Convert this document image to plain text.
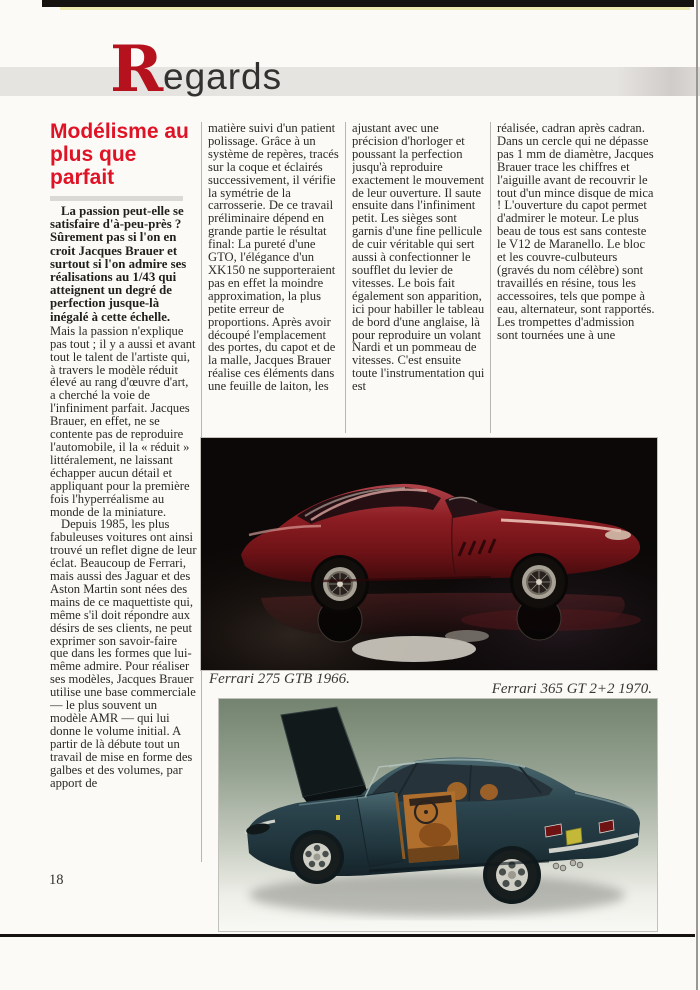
R egards
Modélisme au plus que parfait

La passion peut-elle se satisfaire d'à-peu-près ? Sûrement pas si l'on en croit Jacques Brauer et surtout si l'on admire ses réalisations au 1/43 qui atteignent un degré de perfection jusque-là inégalé à cette échelle.

Mais la passion n'explique pas tout ; il y a aussi et avant tout le talent de l'artiste qui, à travers le modèle réduit élevé au rang d'œuvre d'art, a cherché la voie de l'infiniment parfait. Jacques Brauer, en effet, ne se contente pas de reproduire l'automobile, il la « réduit » littéralement, ne laissant échapper aucun détail et appliquant pour la première fois l'hyperréalisme au monde de la miniature.

Depuis 1985, les plus fabuleuses voitures ont ainsi trouvé un reflet digne de leur éclat. Beaucoup de Ferrari, mais aussi des Jaguar et des Aston Martin sont nées des mains de ce maquettiste qui, même s'il doit répondre aux désirs de ses clients, ne peut exprimer son savoir-faire que dans les formes que lui-même admire. Pour réaliser ses modèles, Jacques Brauer utilise une base commerciale — le plus souvent un modèle AMR — qui lui donne le volume initial. A partir de là débute tout un travail de mise en forme des galbes et des volumes, par apport de

matière suivi d'un patient polissage. Grâce à un système de repères, tracés sur la coque et éclairés successivement, il vérifie la symétrie de la carrosserie. De ce travail préliminaire dépend en grande partie le résultat final: La pureté d'une GTO, l'élégance d'un XK150 ne supporteraient pas en effet la moindre approximation, la plus petite erreur de proportions. Après avoir découpé l'emplacement des portes, du capot et de la malle, Jacques Brauer réalise ces éléments dans une feuille de laiton, les
ajustant avec une précision d'horloger et poussant la perfection jusqu'à reproduire exactement le mouvement de leur ouverture. Il saute ensuite dans l'infiniment petit. Les sièges sont garnis d'une fine pellicule de cuir véritable qui sert aussi à confectionner le soufflet du levier de vitesses. Le bois fait également son apparition, ici pour habiller le tableau de bord d'une anglaise, là pour reproduire un volant Nardi et un pommeau de vitesses. C'est ensuite toute l'instrumentation qui est
réalisée, cadran après cadran. Dans un cercle qui ne dépasse pas 1 mm de diamètre, Jacques Brauer trace les chiffres et l'aiguille avant de recouvrir le tout d'un mince disque de mica ! L'ouverture du capot permet d'admirer le moteur. Le plus beau de tous est sans conteste le V12 de Maranello. Le bloc et les couvre-culbuteurs (gravés du nom célèbre) sont travaillés en résine, tous les accessoires, tels que pompe à eau, alternateur, sont rapportés. Les trompettes d'admission sont tournées une à une
Ferrari 275 GTB 1966.
Ferrari 365 GT 2+2 1970.
18
